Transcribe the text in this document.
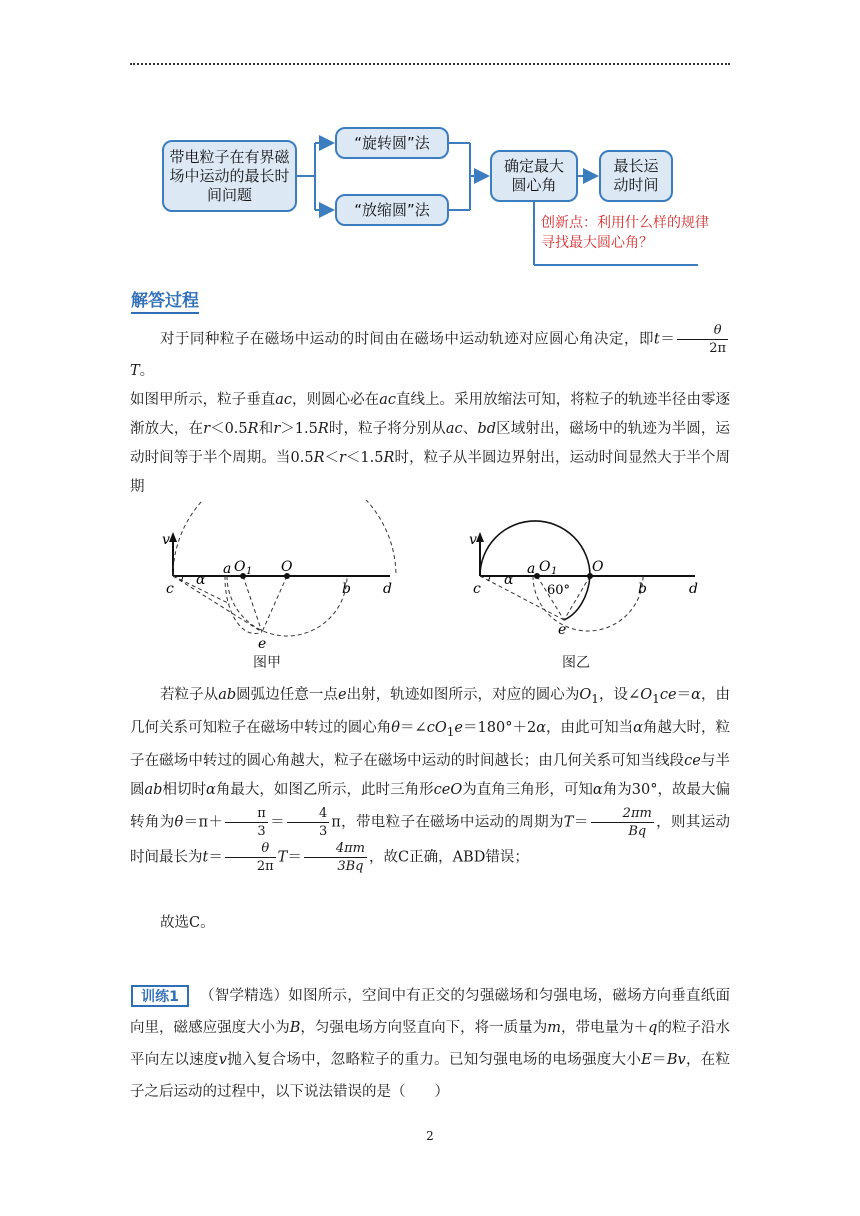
带电粒子在有界磁场中运动的最长时间问题
“旋转圆”法
“放缩圆”法
确定最大圆心角
最长运动时间
创新点：利用什么样的规律寻找最大圆心角？
解答过程
对于同种粒子在磁场中运动的时间由在磁场中运动轨迹对应圆心角决定，即$t= \frac{\theta}{2\pi}$
T。
如图甲所示，粒子垂直ac，则圆心必在ac直线上。采用放缩法可知，将粒子的轨迹半径由零逐渐放大，在r＜0.5R和r＞1.5R时，粒子将分别从ac、bd区域射出，磁场中的轨迹为半圆，运动时间等于半个周期。当0.5R＜r＜1.5R时，粒子从半圆边界射出，运动时间显然大于半个周期
v
c
α
a O 1 O
b d
e
v
c
α
a O 1 O
60°	b	d
e
图甲	图乙
若粒子从ab圆弧边任意一点e出射，轨迹如图所示，对应的圆心为$O_1$，设$\angle O_1ce=\alpha$，由几何关系可知粒子在磁场中转过的圆心角$\theta=\angle cO_1e=180^\circ+2\alpha$，由此可知当α角越大时，粒子在磁场中转过的圆心角越大，粒子在磁场中运动的时间越长；由几何关系可知当线段ce与半圆ab相切时α角最大，如图乙所示，此时三角形ceO为直角三角形，可知α角为30°，故最大偏转角为$\theta=\pi+ \frac{\pi}{3} = \frac{4}{3}$ π，带电粒子在磁场中运动的周期为$T= \frac{2\pi m}{Bq}$ ，则其运动时间最长为$t= \frac{\theta}{2\pi} T= \frac{4\pi m}{3Bq}$ ，故C正确，ABD错误；
故选C。
训练1	（智学精选）如图所示，空间中有正交的匀强磁场和匀强电场，磁场方向垂直纸面向里，磁感应强度大小为B，匀强电场方向竖直向下，将一质量为m，带电量为＋q的粒子沿水平向左以速度v抛入复合场中，忽略粒子的重力。已知匀强电场的电场强度大小E＝Bv，在粒子之后运动的过程中，以下说法错误的是（　　）
2
